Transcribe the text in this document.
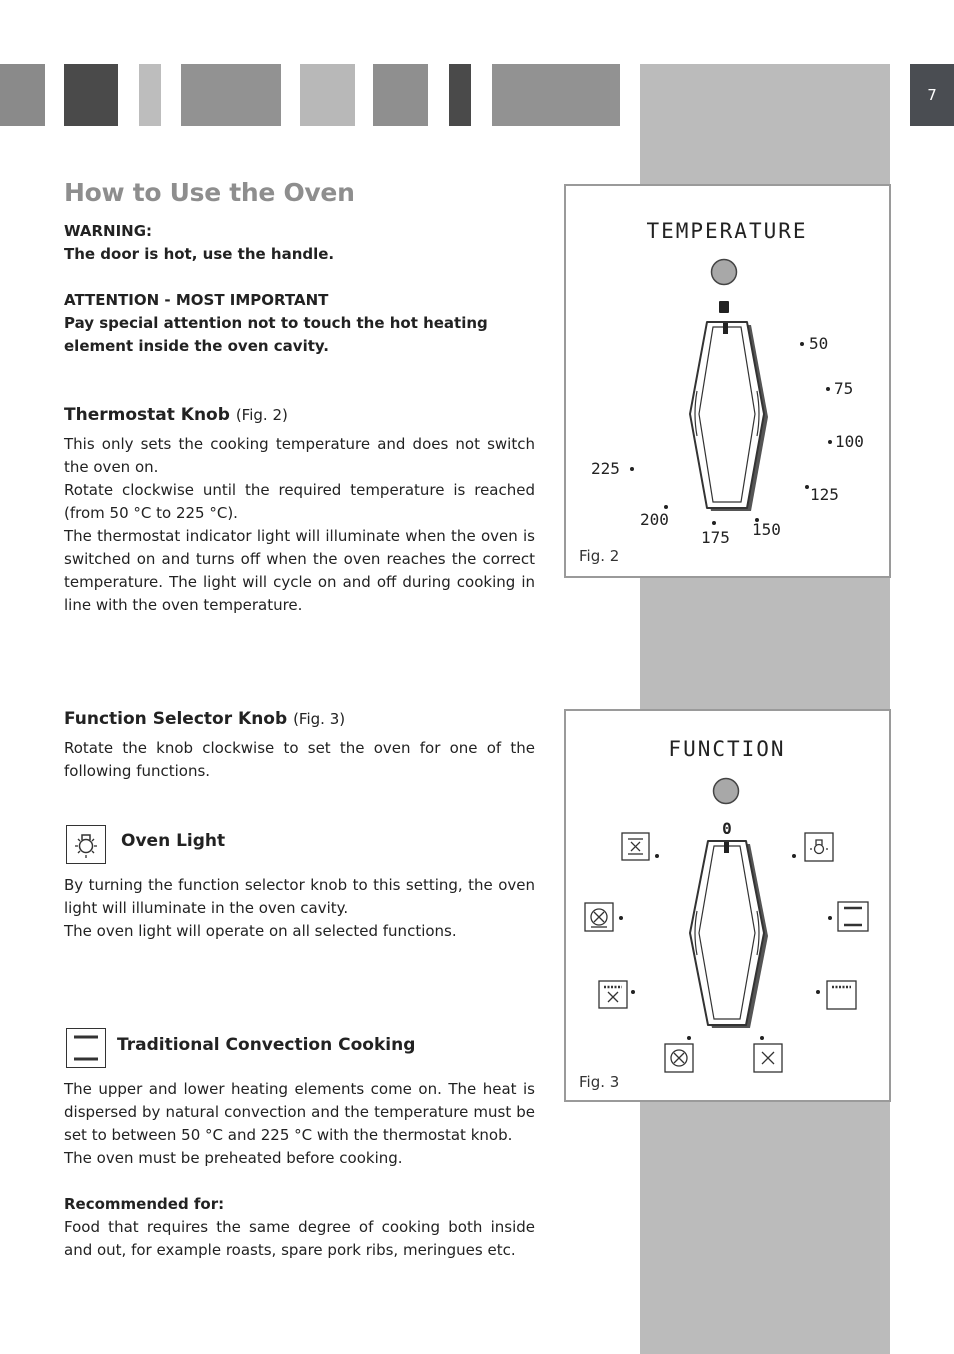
7
How to Use the Oven
WARNING:
The door is hot, use the handle.
ATTENTION - MOST IMPORTANT
Pay special attention not to touch the hot heating element inside the oven cavity.
Thermostat Knob (Fig. 2)
This only sets the cooking temperature and does not switch the oven on.
Rotate clockwise until the required temperature is reached (from 50 °C to 225 °C).
The thermostat indicator light will illuminate when the oven is switched on and turns off when the oven reaches the correct temperature. The light will cycle on and off during cooking in line with the oven temperature.
Function Selector Knob (Fig. 3)
Rotate the knob clockwise to set the oven for one of the following functions.
Oven Light
By turning the function selector knob to this setting, the oven light will illuminate in the oven cavity.
The oven light will operate on all selected functions.
Traditional Convection Cooking
The upper and lower heating elements come on. The heat is dispersed by natural convection and the temperature must be set to between 50 °C and 225 °C with the thermostat knob.
The oven must be preheated before cooking.
Recommended for:
Food that requires the same degree of cooking both inside and out, for example roasts, spare pork ribs, meringues etc.
TEMPERATURE
50
75
100
125
150
175
200
225
Fig. 2
FUNCTION
0
Fig. 3
